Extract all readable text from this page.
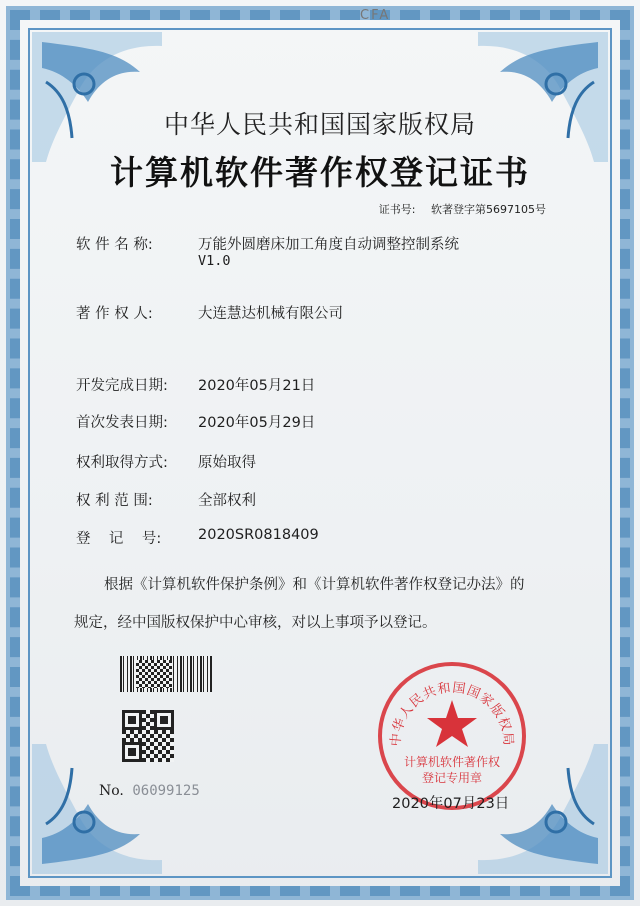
CFA
中华人民共和国国家版权局
计算机软件著作权登记证书
证书号: 软著登字第5697105号
软 件 名 称:	万能外圆磨床加工角度自动调整控制系统
V1.0
著 作 权 人:	大连慧达机械有限公司
开发完成日期:	2020年05月21日
首次发表日期:	2020年05月29日
权利取得方式:	原始取得
权 利 范 围:	全部权利
登    记    号:	2020SR0818409
根据《计算机软件保护条例》和《计算机软件著作权登记办法》的
规定，经中国版权保护中心审核，对以上事项予以登记。
No. 06099125
中华人民共和国国家版权局
计算机软件著作权
登记专用章
2020年07月23日
